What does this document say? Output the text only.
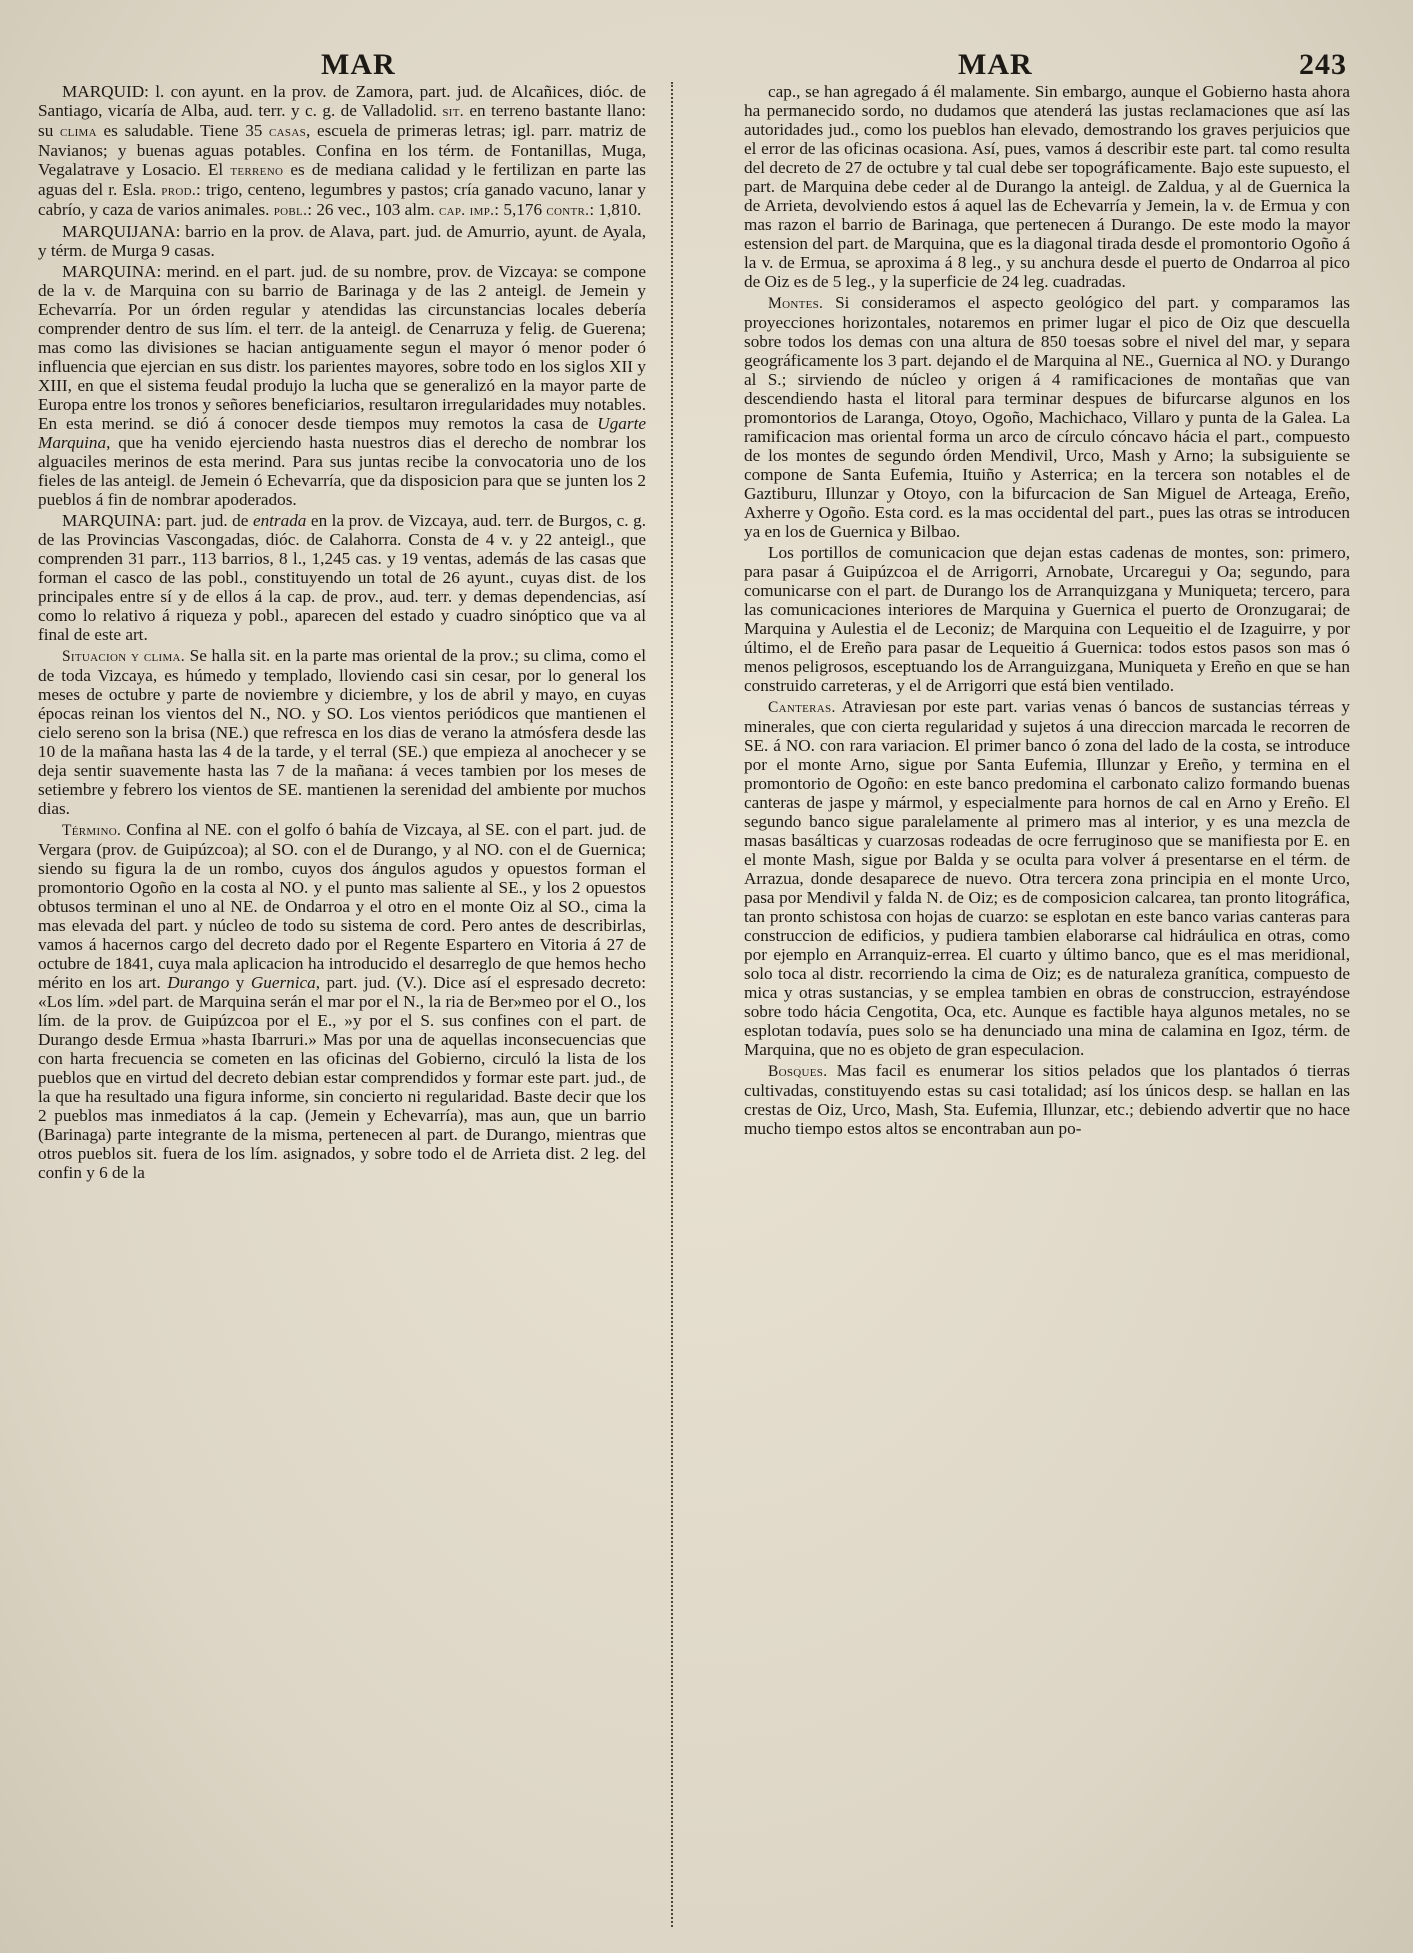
MAR	MAR	243

MARQUID: l. con ayunt. en la prov. de Zamora, part. jud. de Alcañices, dióc. de Santiago, vicaría de Alba, aud. terr. y c. g. de Valladolid. sit. en terreno bastante llano: su clima es saludable. Tiene 35 casas, escuela de primeras letras; igl. parr. matriz de Navianos; y buenas aguas potables. Confina en los térm. de Fontanillas, Muga, Vegalatrave y Losacio. El terreno es de mediana calidad y le fertilizan en parte las aguas del r. Esla. prod.: trigo, centeno, legumbres y pastos; cría ganado vacuno, lanar y cabrío, y caza de varios animales. pobl.: 26 vec., 103 alm. cap. imp.: 5,176 contr.: 1,810.

MARQUIJANA: barrio en la prov. de Alava, part. jud. de Amurrio, ayunt. de Ayala, y térm. de Murga 9 casas.

MARQUINA: merind. en el part. jud. de su nombre, prov. de Vizcaya: se compone de la v. de Marquina con su barrio de Barinaga y de las 2 anteigl. de Jemein y Echevarría. Por un órden regular y atendidas las circunstancias locales debería comprender dentro de sus lím. el terr. de la anteigl. de Cenarruza y felig. de Guerena; mas como las divisiones se hacian antiguamente segun el mayor ó menor poder ó influencia que ejercian en sus distr. los parientes mayores, sobre todo en los siglos XII y XIII, en que el sistema feudal produjo la lucha que se generalizó en la mayor parte de Europa entre los tronos y señores beneficiarios, resultaron irregularidades muy notables. En esta merind. se dió á conocer desde tiempos muy remotos la casa de Ugarte Marquina, que ha venido ejerciendo hasta nuestros dias el derecho de nombrar los alguaciles merinos de esta merind. Para sus juntas recibe la convocatoria uno de los fieles de las anteigl. de Jemein ó Echevarría, que da disposicion para que se junten los 2 pueblos á fin de nombrar apoderados.

MARQUINA: part. jud. de entrada en la prov. de Vizcaya, aud. terr. de Burgos, c. g. de las Provincias Vascongadas, dióc. de Calahorra. Consta de 4 v. y 22 anteigl., que comprenden 31 parr., 113 barrios, 8 l., 1,245 cas. y 19 ventas, además de las casas que forman el casco de las pobl., constituyendo un total de 26 ayunt., cuyas dist. de los principales entre sí y de ellos á la cap. de prov., aud. terr. y demas dependencias, así como lo relativo á riqueza y pobl., aparecen del estado y cuadro sinóptico que va al final de este art.

Situacion y clima. Se halla sit. en la parte mas oriental de la prov.; su clima, como el de toda Vizcaya, es húmedo y templado, lloviendo casi sin cesar, por lo general los meses de octubre y parte de noviembre y diciembre, y los de abril y mayo, en cuyas épocas reinan los vientos del N., NO. y SO. Los vientos periódicos que mantienen el cielo sereno son la brisa (NE.) que refresca en los dias de verano la atmósfera desde las 10 de la mañana hasta las 4 de la tarde, y el terral (SE.) que empieza al anochecer y se deja sentir suavemente hasta las 7 de la mañana: á veces tambien por los meses de setiembre y febrero los vientos de SE. mantienen la serenidad del ambiente por muchos dias.

Término. Confina al NE. con el golfo ó bahía de Vizcaya, al SE. con el part. jud. de Vergara (prov. de Guipúzcoa); al SO. con el de Durango, y al NO. con el de Guernica; siendo su figura la de un rombo, cuyos dos ángulos agudos y opuestos forman el promontorio Ogoño en la costa al NO. y el punto mas saliente al SE., y los 2 opuestos obtusos terminan el uno al NE. de Ondarroa y el otro en el monte Oiz al SO., cima la mas elevada del part. y núcleo de todo su sistema de cord. Pero antes de describirlas, vamos á hacernos cargo del decreto dado por el Regente Espartero en Vitoria á 27 de octubre de 1841, cuya mala aplicacion ha introducido el desarreglo de que hemos hecho mérito en los art. Durango y Guernica, part. jud. (V.). Dice así el espresado decreto: «Los lím. »del part. de Marquina serán el mar por el N., la ria de Ber»meo por el O., los lím. de la prov. de Guipúzcoa por el E., »y por el S. sus confines con el part. de Durango desde Ermua »hasta Ibarruri.» Mas por una de aquellas inconsecuencias que con harta frecuencia se cometen en las oficinas del Gobierno, circuló la lista de los pueblos que en virtud del decreto debian estar comprendidos y formar este part. jud., de la que ha resultado una figura informe, sin concierto ni regularidad. Baste decir que los 2 pueblos mas inmediatos á la cap. (Jemein y Echevarría), mas aun, que un barrio (Barinaga) parte integrante de la misma, pertenecen al part. de Durango, mientras que otros pueblos sit. fuera de los lím. asignados, y sobre todo el de Arrieta dist. 2 leg. del confin y 6 de la

cap., se han agregado á él malamente. Sin embargo, aunque el Gobierno hasta ahora ha permanecido sordo, no dudamos que atenderá las justas reclamaciones que así las autoridades jud., como los pueblos han elevado, demostrando los graves perjuicios que el error de las oficinas ocasiona. Así, pues, vamos á describir este part. tal como resulta del decreto de 27 de octubre y tal cual debe ser topográficamente. Bajo este supuesto, el part. de Marquina debe ceder al de Durango la anteigl. de Zaldua, y al de Guernica la de Arrieta, devolviendo estos á aquel las de Echevarría y Jemein, la v. de Ermua y con mas razon el barrio de Barinaga, que pertenecen á Durango. De este modo la mayor estension del part. de Marquina, que es la diagonal tirada desde el promontorio Ogoño á la v. de Ermua, se aproxima á 8 leg., y su anchura desde el puerto de Ondarroa al pico de Oiz es de 5 leg., y la superficie de 24 leg. cuadradas.

Montes. Si consideramos el aspecto geológico del part. y comparamos las proyecciones horizontales, notaremos en primer lugar el pico de Oiz que descuella sobre todos los demas con una altura de 850 toesas sobre el nivel del mar, y separa geográficamente los 3 part. dejando el de Marquina al NE., Guernica al NO. y Durango al S.; sirviendo de núcleo y origen á 4 ramificaciones de montañas que van descendiendo hasta el litoral para terminar despues de bifurcarse algunos en los promontorios de Laranga, Otoyo, Ogoño, Machichaco, Villaro y punta de la Galea. La ramificacion mas oriental forma un arco de círculo cóncavo hácia el part., compuesto de los montes de segundo órden Mendivil, Urco, Mash y Arno; la subsiguiente se compone de Santa Eufemia, Ituiño y Asterrica; en la tercera son notables el de Gaztiburu, Illunzar y Otoyo, con la bifurcacion de San Miguel de Arteaga, Ereño, Axherre y Ogoño. Esta cord. es la mas occidental del part., pues las otras se introducen ya en los de Guernica y Bilbao.

Los portillos de comunicacion que dejan estas cadenas de montes, son: primero, para pasar á Guipúzcoa el de Arrigorri, Arnobate, Urcaregui y Oa; segundo, para comunicarse con el part. de Durango los de Arranquizgana y Muniqueta; tercero, para las comunicaciones interiores de Marquina y Guernica el puerto de Oronzugarai; de Marquina y Aulestia el de Leconiz; de Marquina con Lequeitio el de Izaguirre, y por último, el de Ereño para pasar de Lequeitio á Guernica: todos estos pasos son mas ó menos peligrosos, esceptuando los de Arranguizgana, Muniqueta y Ereño en que se han construido carreteras, y el de Arrigorri que está bien ventilado.

Canteras. Atraviesan por este part. varias venas ó bancos de sustancias térreas y minerales, que con cierta regularidad y sujetos á una direccion marcada le recorren de SE. á NO. con rara variacion. El primer banco ó zona del lado de la costa, se introduce por el monte Arno, sigue por Santa Eufemia, Illunzar y Ereño, y termina en el promontorio de Ogoño: en este banco predomina el carbonato calizo formando buenas canteras de jaspe y mármol, y especialmente para hornos de cal en Arno y Ereño. El segundo banco sigue paralelamente al primero mas al interior, y es una mezcla de masas basálticas y cuarzosas rodeadas de ocre ferruginoso que se manifiesta por E. en el monte Mash, sigue por Balda y se oculta para volver á presentarse en el térm. de Arrazua, donde desaparece de nuevo. Otra tercera zona principia en el monte Urco, pasa por Mendivil y falda N. de Oiz; es de composicion calcarea, tan pronto litográfica, tan pronto schistosa con hojas de cuarzo: se esplotan en este banco varias canteras para construccion de edificios, y pudiera tambien elaborarse cal hidráulica en otras, como por ejemplo en Arranquiz-errea. El cuarto y último banco, que es el mas meridional, solo toca al distr. recorriendo la cima de Oiz; es de naturaleza granítica, compuesto de mica y otras sustancias, y se emplea tambien en obras de construccion, estrayéndose sobre todo hácia Cengotita, Oca, etc. Aunque es factible haya algunos metales, no se esplotan todavía, pues solo se ha denunciado una mina de calamina en Igoz, térm. de Marquina, que no es objeto de gran especulacion.

Bosques. Mas facil es enumerar los sitios pelados que los plantados ó tierras cultivadas, constituyendo estas su casi totalidad; así los únicos desp. se hallan en las crestas de Oiz, Urco, Mash, Sta. Eufemia, Illunzar, etc.; debiendo advertir que no hace mucho tiempo estos altos se encontraban aun po-
